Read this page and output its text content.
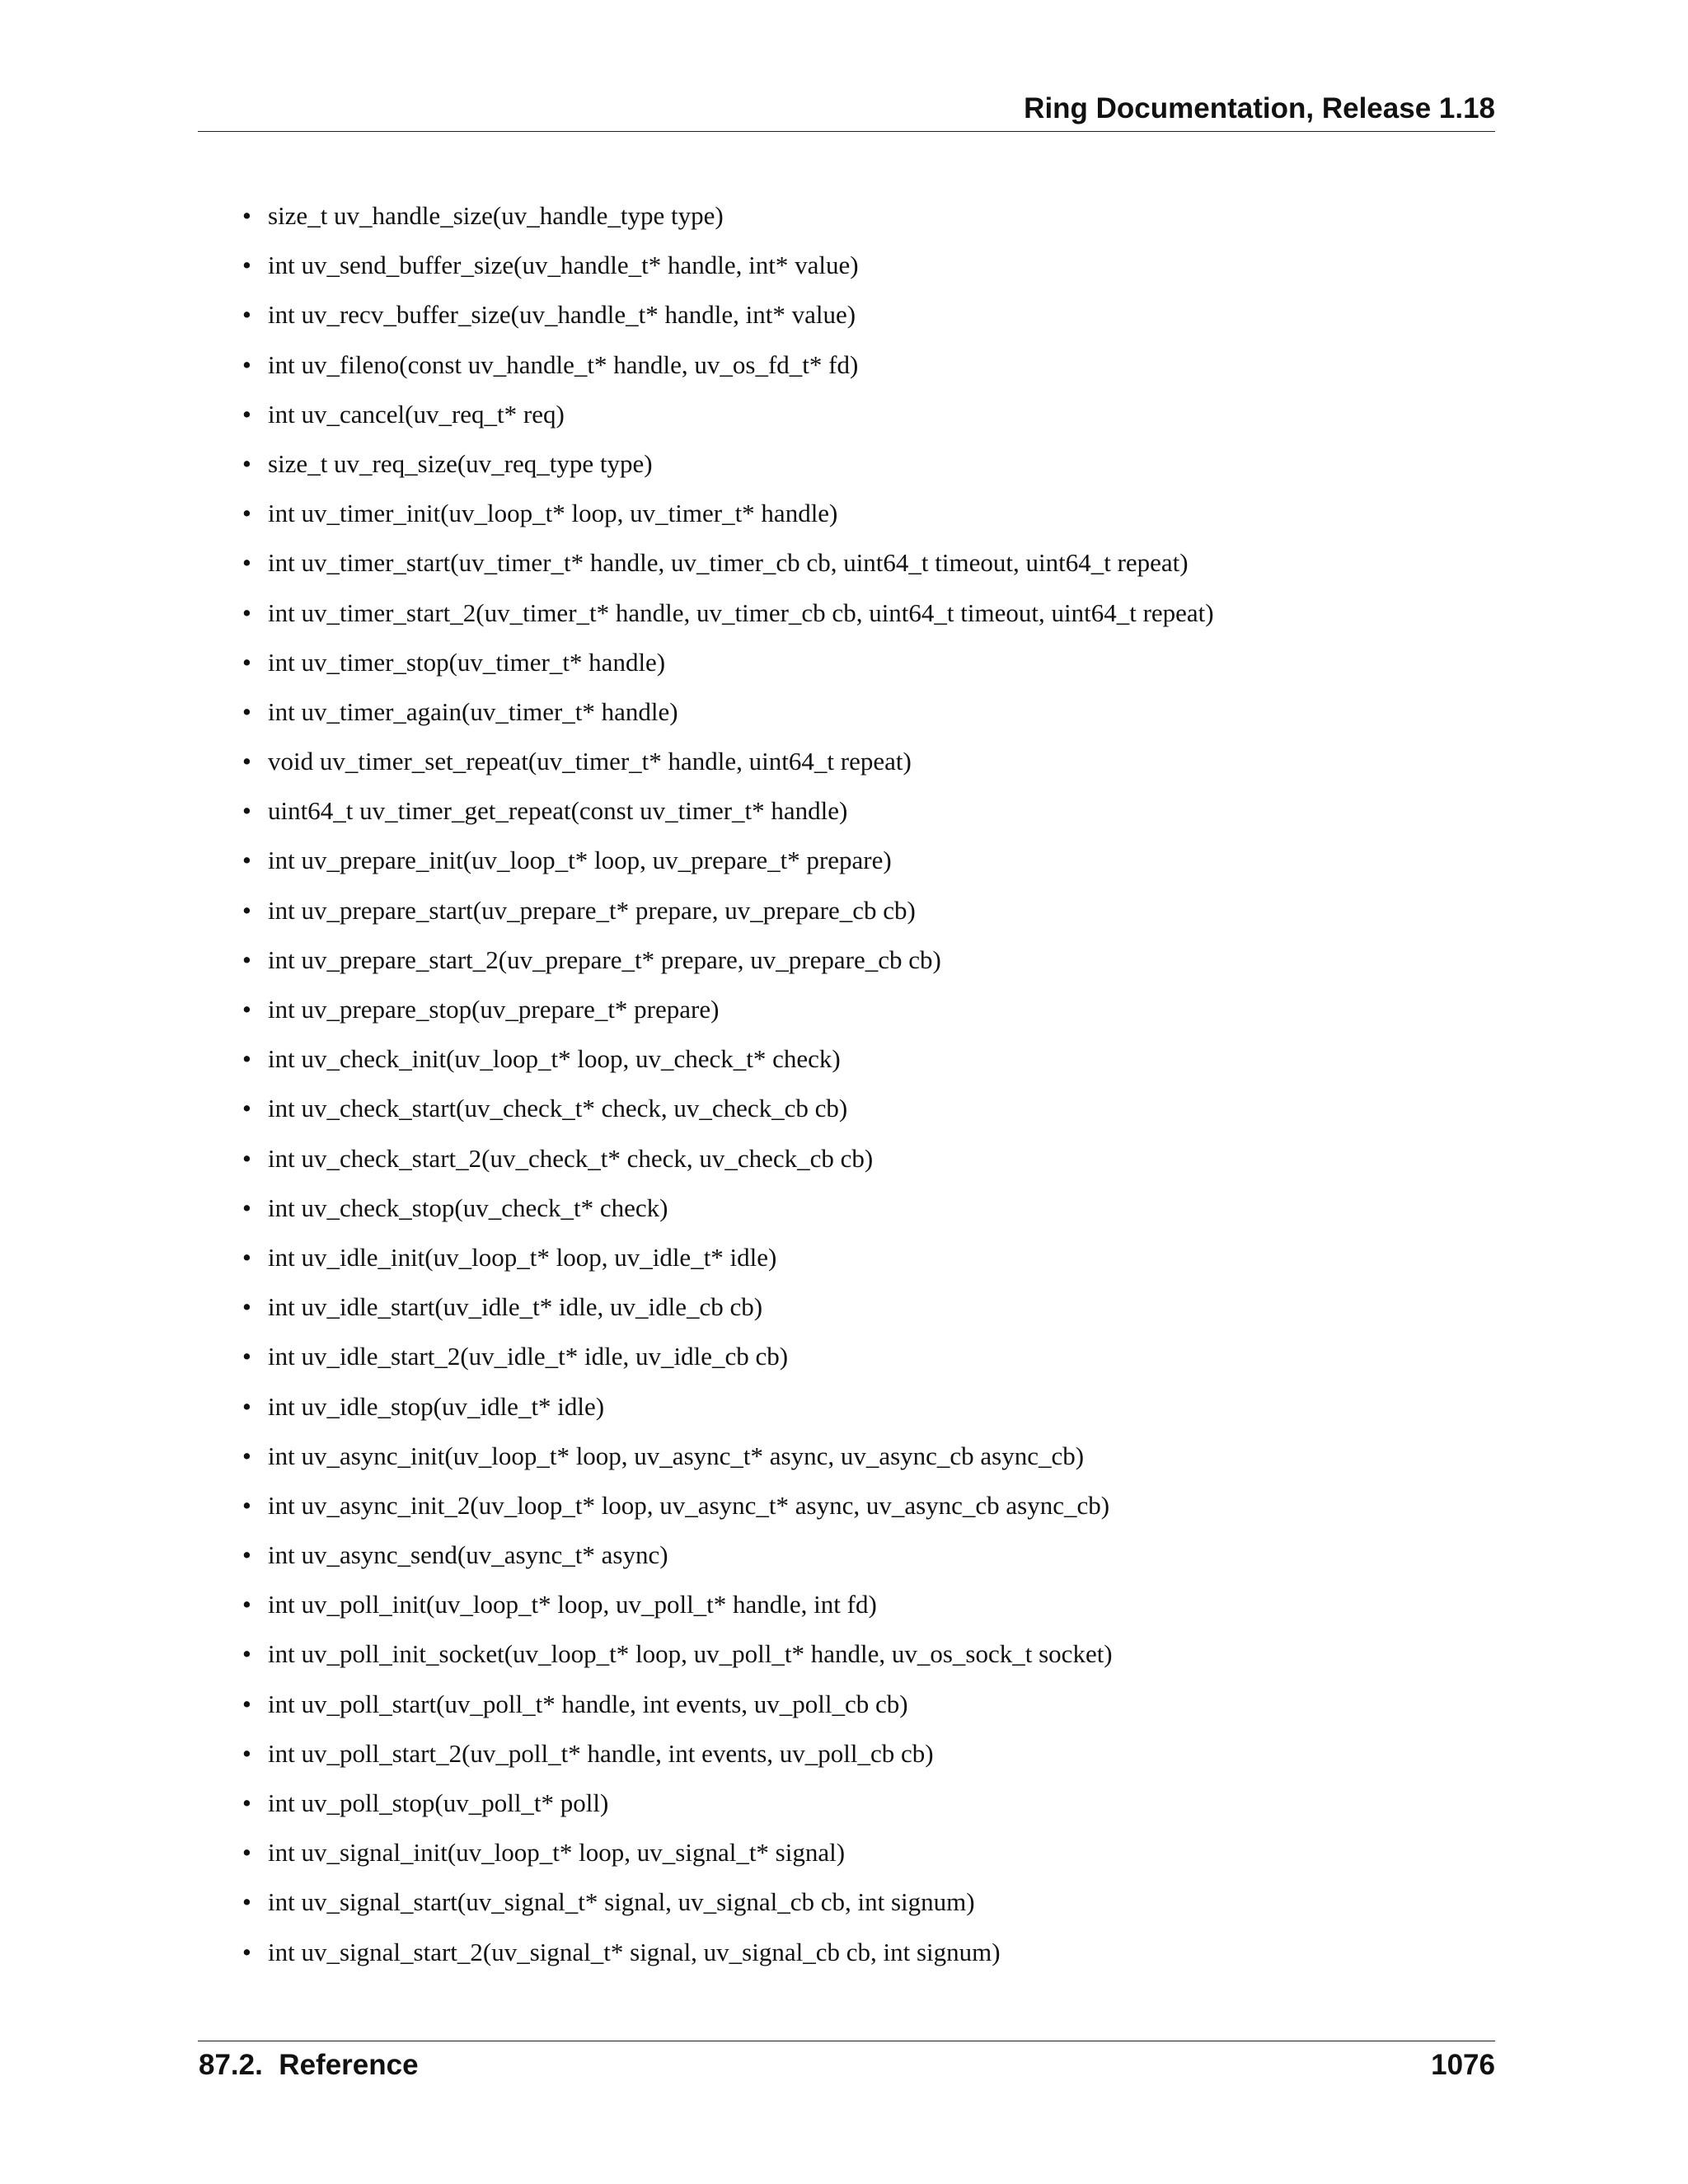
Ring Documentation, Release 1.18
• size_t uv_handle_size(uv_handle_type type)
• int uv_send_buffer_size(uv_handle_t* handle, int* value)
• int uv_recv_buffer_size(uv_handle_t* handle, int* value)
• int uv_fileno(const uv_handle_t* handle, uv_os_fd_t* fd)
• int uv_cancel(uv_req_t* req)
• size_t uv_req_size(uv_req_type type)
• int uv_timer_init(uv_loop_t* loop, uv_timer_t* handle)
• int uv_timer_start(uv_timer_t* handle, uv_timer_cb cb, uint64_t timeout, uint64_t repeat)
• int uv_timer_start_2(uv_timer_t* handle, uv_timer_cb cb, uint64_t timeout, uint64_t repeat)
• int uv_timer_stop(uv_timer_t* handle)
• int uv_timer_again(uv_timer_t* handle)
• void uv_timer_set_repeat(uv_timer_t* handle, uint64_t repeat)
• uint64_t uv_timer_get_repeat(const uv_timer_t* handle)
• int uv_prepare_init(uv_loop_t* loop, uv_prepare_t* prepare)
• int uv_prepare_start(uv_prepare_t* prepare, uv_prepare_cb cb)
• int uv_prepare_start_2(uv_prepare_t* prepare, uv_prepare_cb cb)
• int uv_prepare_stop(uv_prepare_t* prepare)
• int uv_check_init(uv_loop_t* loop, uv_check_t* check)
• int uv_check_start(uv_check_t* check, uv_check_cb cb)
• int uv_check_start_2(uv_check_t* check, uv_check_cb cb)
• int uv_check_stop(uv_check_t* check)
• int uv_idle_init(uv_loop_t* loop, uv_idle_t* idle)
• int uv_idle_start(uv_idle_t* idle, uv_idle_cb cb)
• int uv_idle_start_2(uv_idle_t* idle, uv_idle_cb cb)
• int uv_idle_stop(uv_idle_t* idle)
• int uv_async_init(uv_loop_t* loop, uv_async_t* async, uv_async_cb async_cb)
• int uv_async_init_2(uv_loop_t* loop, uv_async_t* async, uv_async_cb async_cb)
• int uv_async_send(uv_async_t* async)
• int uv_poll_init(uv_loop_t* loop, uv_poll_t* handle, int fd)
• int uv_poll_init_socket(uv_loop_t* loop, uv_poll_t* handle, uv_os_sock_t socket)
• int uv_poll_start(uv_poll_t* handle, int events, uv_poll_cb cb)
• int uv_poll_start_2(uv_poll_t* handle, int events, uv_poll_cb cb)
• int uv_poll_stop(uv_poll_t* poll)
• int uv_signal_init(uv_loop_t* loop, uv_signal_t* signal)
• int uv_signal_start(uv_signal_t* signal, uv_signal_cb cb, int signum)
• int uv_signal_start_2(uv_signal_t* signal, uv_signal_cb cb, int signum)
87.2.  Reference	1076
